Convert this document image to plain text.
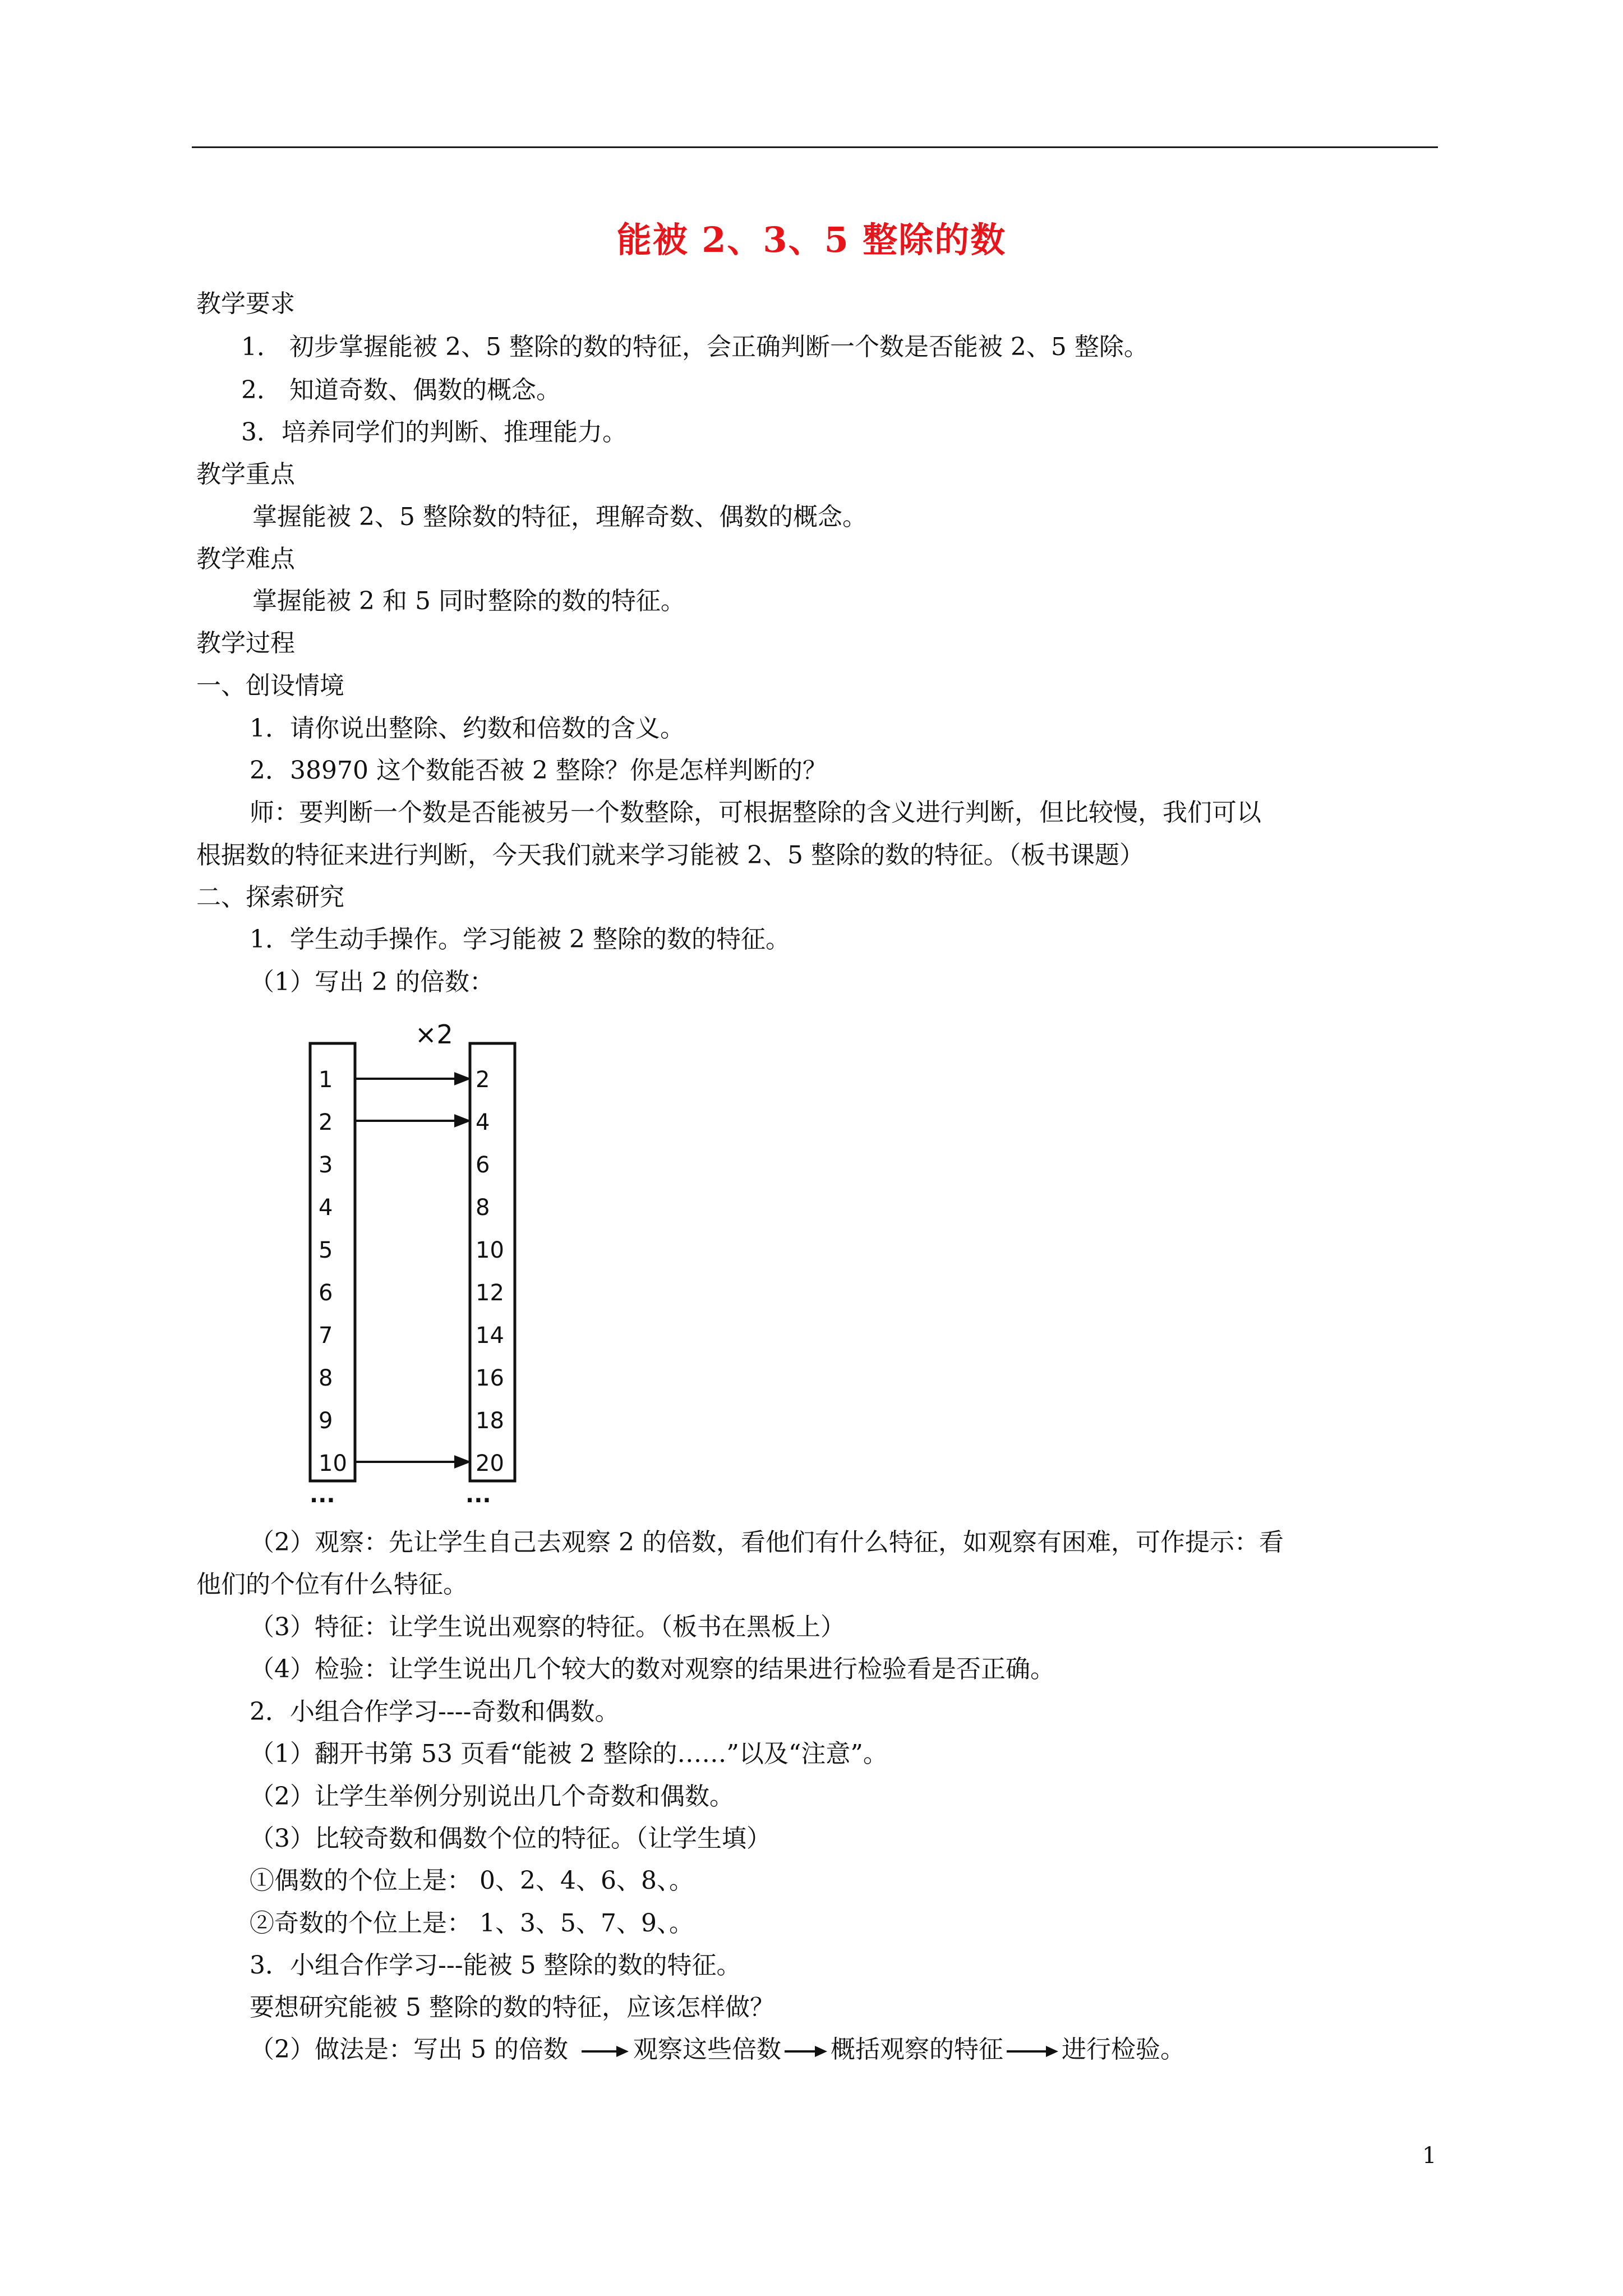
能被 2、3、5 整除的数
教学要求
1． 初步掌握能被 2、5 整除的数的特征，会正确判断一个数是否能被 2、5 整除。
2． 知道奇数、偶数的概念。
3．培养同学们的判断、推理能力。
教学重点
掌握能被 2、5 整除数的特征，理解奇数、偶数的概念。
教学难点
掌握能被 2 和 5 同时整除的数的特征。
教学过程
一、创设情境
1．请你说出整除、约数和倍数的含义。
2．38970 这个数能否被 2 整除？你是怎样判断的？
师：要判断一个数是否能被另一个数整除，可根据整除的含义进行判断，但比较慢，我们可以
根据数的特征来进行判断，今天我们就来学习能被 2、5 整除的数的特征。（板书课题）
二、探索研究
1．学生动手操作。学习能被 2 整除的数的特征。
（1）写出 2 的倍数：
×2
1
2
3
4
5
6
7
8
9
10
2
4
6
8
10
12
14
16
18
20
···	···
（2）观察：先让学生自己去观察 2 的倍数，看他们有什么特征，如观察有困难，可作提示：看
他们的个位有什么特征。
（3）特征：让学生说出观察的特征。（板书在黑板上）
（4）检验：让学生说出几个较大的数对观察的结果进行检验看是否正确。
2．小组合作学习----奇数和偶数。
（1）翻开书第 53 页看“能被 2 整除的……”以及“注意”。
（2）让学生举例分别说出几个奇数和偶数。
（3）比较奇数和偶数个位的特征。（让学生填）
①偶数的个位上是： 0、2、4、6、8、。
②奇数的个位上是： 1、3、5、7、9、。
3．小组合作学习---能被 5 整除的数的特征。
要想研究能被 5 整除的数的特征，应该怎样做？
（2）做法是：写出 5 的倍数	观察这些倍数 概括观察的特征 进行检验。
1
